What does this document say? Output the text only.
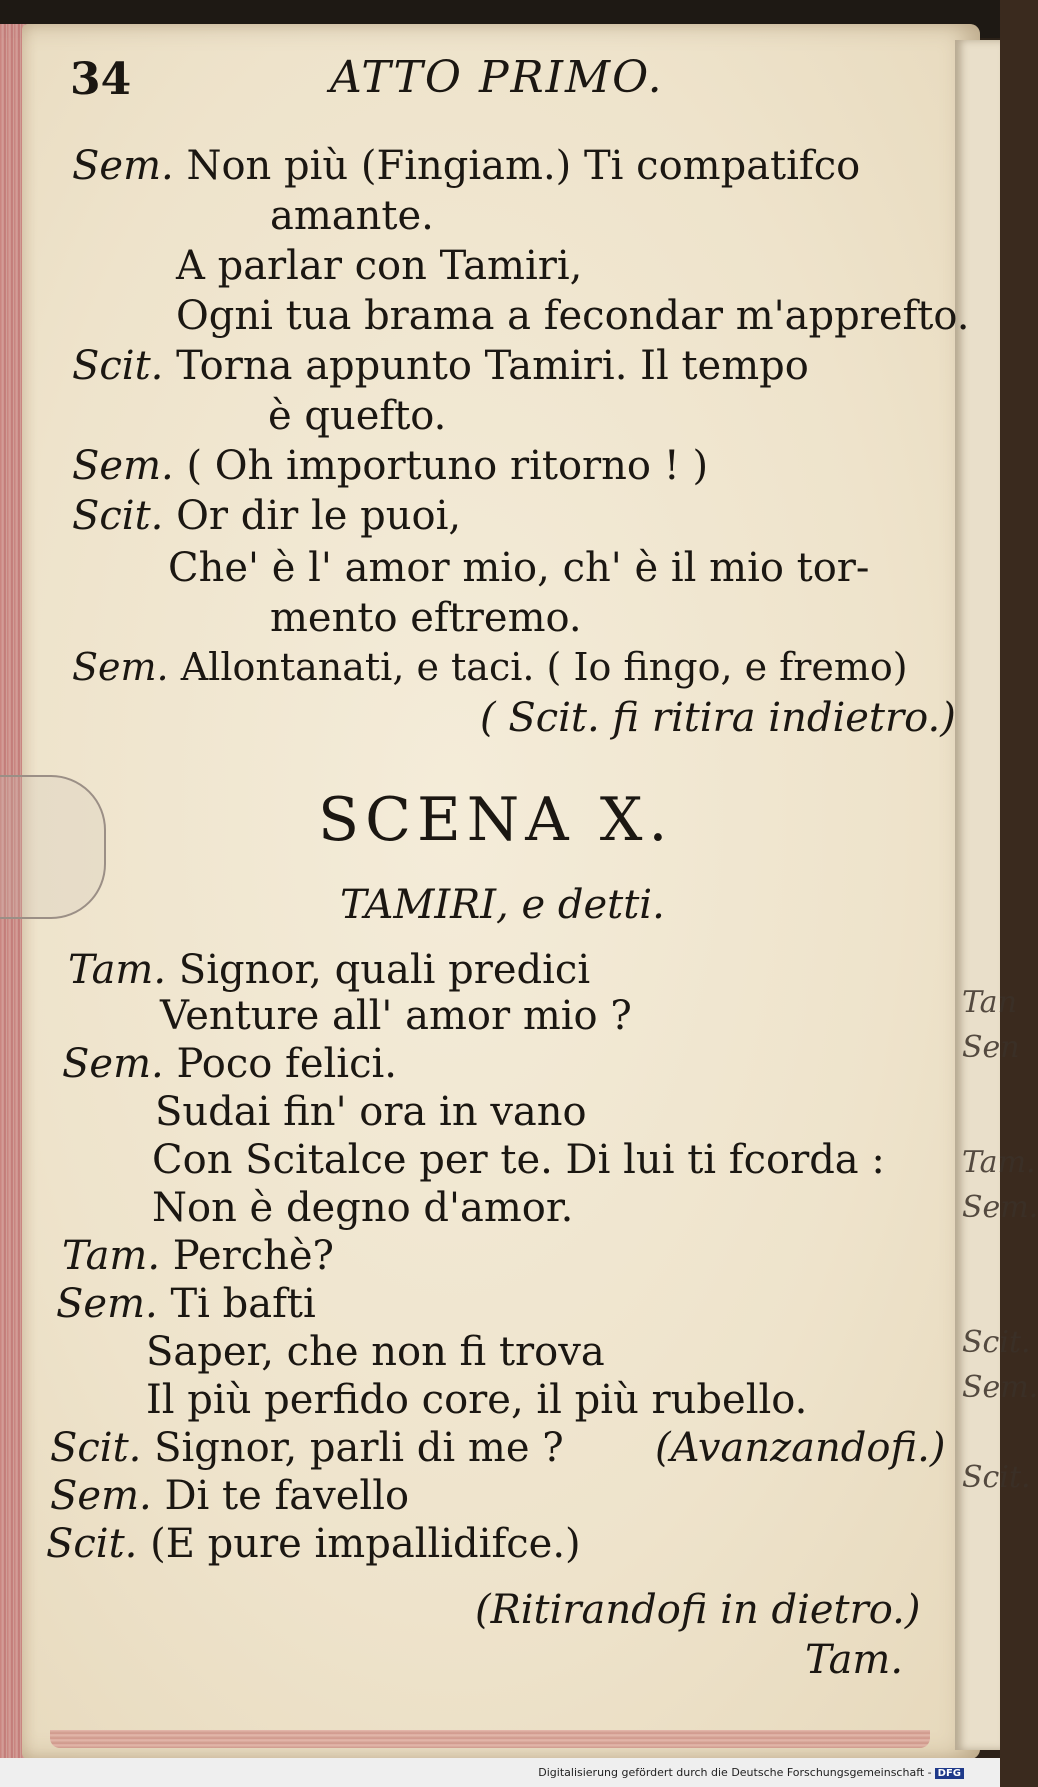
34	ATTO PRIMO.
Sem. Non più (Fingiam.) Ti compatifco
amante.
A parlar con Tamiri,
Ogni tua brama a fecondar m'apprefto.
Scit. Torna appunto Tamiri. Il tempo
è quefto.
Sem. ( Oh importuno ritorno ! )
Scit. Or dir le puoi,
Che' è l' amor mio, ch' è il mio tor-
mento eftremo.
Sem. Allontanati, e taci. ( Io fingo, e fremo)
( Scit. fi ritira indietro.)
SCENA X.
TAMIRI, e detti.
Tam. Signor, quali predici
Venture all' amor mio ?
Sem. Poco felici.
Sudai fin' ora in vano
Con Scitalce per te. Di lui ti fcorda :
Non è degno d'amor.
Tam. Perchè?
Sem. Ti bafti
Saper, che non fi trova
Il più perfido core, il più rubello.
Scit. Signor, parli di me ? (Avanzandofi.)
Sem. Di te favello
Scit. (E pure impallidifce.)
(Ritirandofi in dietro.)
Tam.
Tan
Sen
Tam.
Sem.
Scit.
Sem.
Scit.
Digitalisierung gefördert durch die Deutsche Forschungsgemeinschaft - DFG
